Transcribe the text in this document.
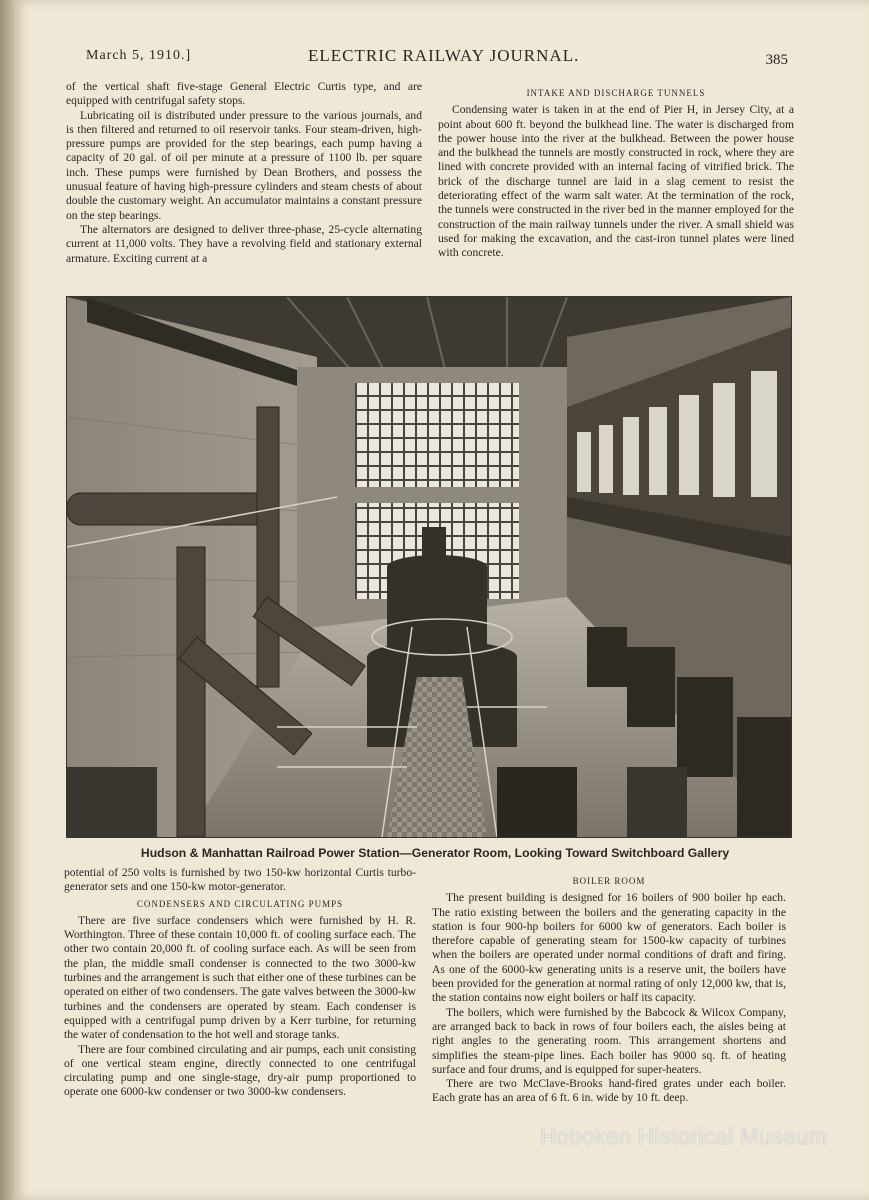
March 5, 1910.]	ELECTRIC RAILWAY JOURNAL.	385

of the vertical shaft five-stage General Electric Curtis type, and are equipped with centrifugal safety stops.

Lubricating oil is distributed under pressure to the various journals, and is then filtered and returned to oil reservoir tanks. Four steam-driven, high-pressure pumps are provided for the step bearings, each pump having a capacity of 20 gal. of oil per minute at a pressure of 1100 lb. per square inch. These pumps were furnished by Dean Brothers, and possess the unusual feature of having high-pressure cylinders and steam chests of about double the customary weight. An accumulator maintains a constant pressure on the step bearings.

The alternators are designed to deliver three-phase, 25-cycle alternating current at 11,000 volts. They have a revolving field and stationary external armature. Exciting current at a

INTAKE AND DISCHARGE TUNNELS

Condensing water is taken in at the end of Pier H, in Jersey City, at a point about 600 ft. beyond the bulkhead line. The water is discharged from the power house into the river at the bulkhead. Between the power house and the bulkhead the tunnels are mostly constructed in rock, where they are lined with concrete provided with an internal facing of vitrified brick. The brick of the discharge tunnel are laid in a slag cement to resist the deteriorating effect of the warm salt water. At the termination of the rock, the tunnels were constructed in the river bed in the manner employed for the construction of the main railway tunnels under the river. A small shield was used for making the excavation, and the cast-iron tunnel plates were lined with concrete.

Hudson & Manhattan Railroad Power Station—Generator Room, Looking Toward Switchboard Gallery

potential of 250 volts is furnished by two 150-kw horizontal Curtis turbo-generator sets and one 150-kw motor-generator.

CONDENSERS AND CIRCULATING PUMPS

There are five surface condensers which were furnished by H. R. Worthington. Three of these contain 10,000 ft. of cooling surface each. The other two contain 20,000 ft. of cooling surface each. As will be seen from the plan, the middle small condenser is connected to the two 3000-kw turbines and the arrangement is such that either one of these turbines can be operated on either of two condensers. The gate valves between the 3000-kw turbines and the condensers are operated by steam. Each condenser is equipped with a centrifugal pump driven by a Kerr turbine, for returning the water of condensation to the hot well and storage tanks.

There are four combined circulating and air pumps, each unit consisting of one vertical steam engine, directly connected to one centrifugal circulating pump and one single-stage, dry-air pump proportioned to operate one 6000-kw condenser or two 3000-kw condensers.

BOILER ROOM

The present building is designed for 16 boilers of 900 boiler hp each. The ratio existing between the boilers and the generating capacity in the station is four 900-hp boilers for 6000 kw of generators. Each boiler is therefore capable of generating steam for 1500-kw capacity of turbines when the boilers are operated under normal conditions of draft and firing. As one of the 6000-kw generating units is a reserve unit, the boilers have been provided for the generation at normal rating of only 12,000 kw, that is, the station contains now eight boilers or half its capacity.

The boilers, which were furnished by the Babcock & Wilcox Company, are arranged back to back in rows of four boilers each, the aisles being at right angles to the generating room. This arrangement shortens and simplifies the steam-pipe lines. Each boiler has 9000 sq. ft. of heating surface and four drums, and is equipped for super-heaters.

There are two McClave-Brooks hand-fired grates under each boiler. Each grate has an area of 6 ft. 6 in. wide by 10 ft. deep.

Hoboken Historical Museum
